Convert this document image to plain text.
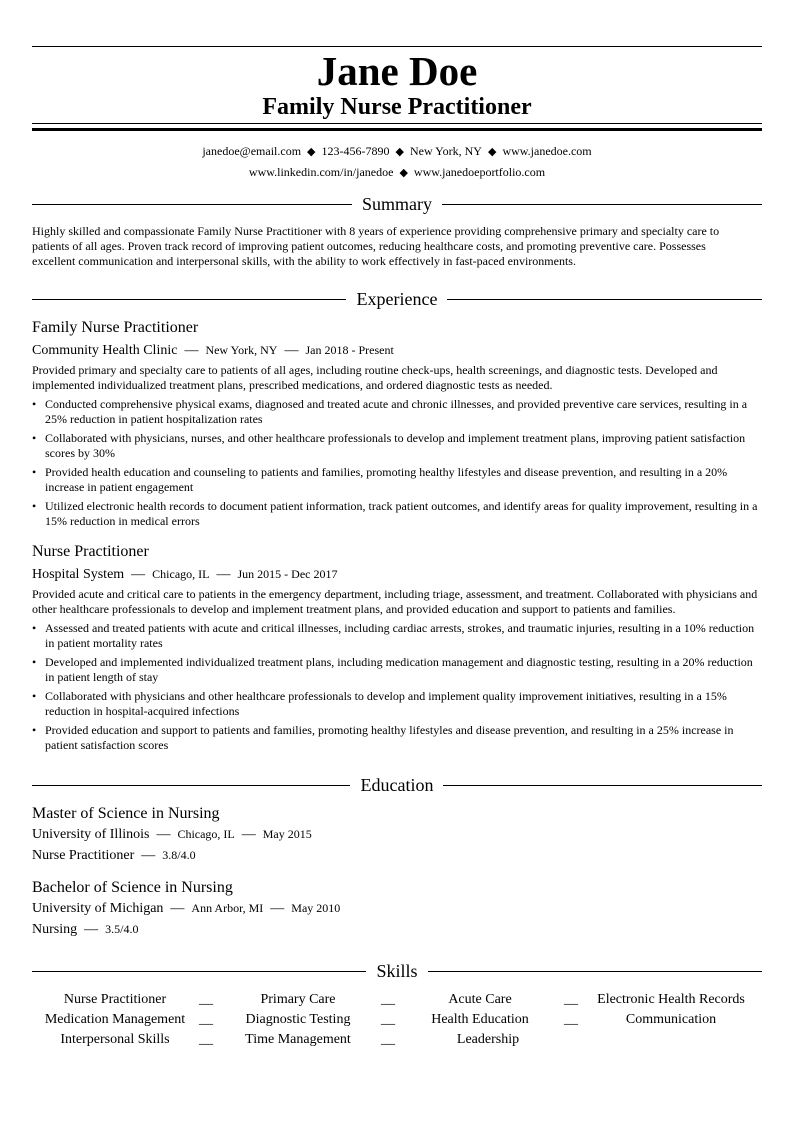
Jane Doe
Family Nurse Practitioner
janedoe@email.com ◆ 123-456-7890 ◆ New York, NY ◆ www.janedoe.com
www.linkedin.com/in/janedoe ◆ www.janedoeportfolio.com
Summary
Highly skilled and compassionate Family Nurse Practitioner with 8 years of experience providing comprehensive primary and specialty care to patients of all ages. Proven track record of improving patient outcomes, reducing healthcare costs, and promoting preventive care. Possesses excellent communication and interpersonal skills, with the ability to work effectively in fast-paced environments.
Experience
Family Nurse Practitioner
Community Health Clinic — New York, NY — Jan 2018 - Present
Provided primary and specialty care to patients of all ages, including routine check-ups, health screenings, and diagnostic tests. Developed and implemented individualized treatment plans, prescribed medications, and ordered diagnostic tests as needed.
• Conducted comprehensive physical exams, diagnosed and treated acute and chronic illnesses, and provided preventive care services, resulting in a 25% reduction in patient hospitalization rates
• Collaborated with physicians, nurses, and other healthcare professionals to develop and implement treatment plans, improving patient satisfaction scores by 30%
• Provided health education and counseling to patients and families, promoting healthy lifestyles and disease prevention, and resulting in a 20% increase in patient engagement
• Utilized electronic health records to document patient information, track patient outcomes, and identify areas for quality improvement, resulting in a 15% reduction in medical errors
Nurse Practitioner
Hospital System — Chicago, IL — Jun 2015 - Dec 2017
Provided acute and critical care to patients in the emergency department, including triage, assessment, and treatment. Collaborated with physicians and other healthcare professionals to develop and implement treatment plans, and provided education and support to patients and families.
• Assessed and treated patients with acute and critical illnesses, including cardiac arrests, strokes, and traumatic injuries, resulting in a 10% reduction in patient mortality rates
• Developed and implemented individualized treatment plans, including medication management and diagnostic testing, resulting in a 20% reduction in patient length of stay
• Collaborated with physicians and other healthcare professionals to develop and implement quality improvement initiatives, resulting in a 15% reduction in hospital-acquired infections
• Provided education and support to patients and families, promoting healthy lifestyles and disease prevention, and resulting in a 25% increase in patient satisfaction scores
Education
Master of Science in Nursing
University of Illinois — Chicago, IL — May 2015
Nurse Practitioner — 3.8/4.0
Bachelor of Science in Nursing
University of Michigan — Ann Arbor, MI — May 2010
Nursing — 3.5/4.0
Skills
Nurse Practitioner	__	Primary Care	__	Acute Care	__	Electronic Health Records
Medication Management __	Diagnostic Testing	__	Health Education	__	Communication
Interpersonal Skills	__	Time Management	__	Leadership
